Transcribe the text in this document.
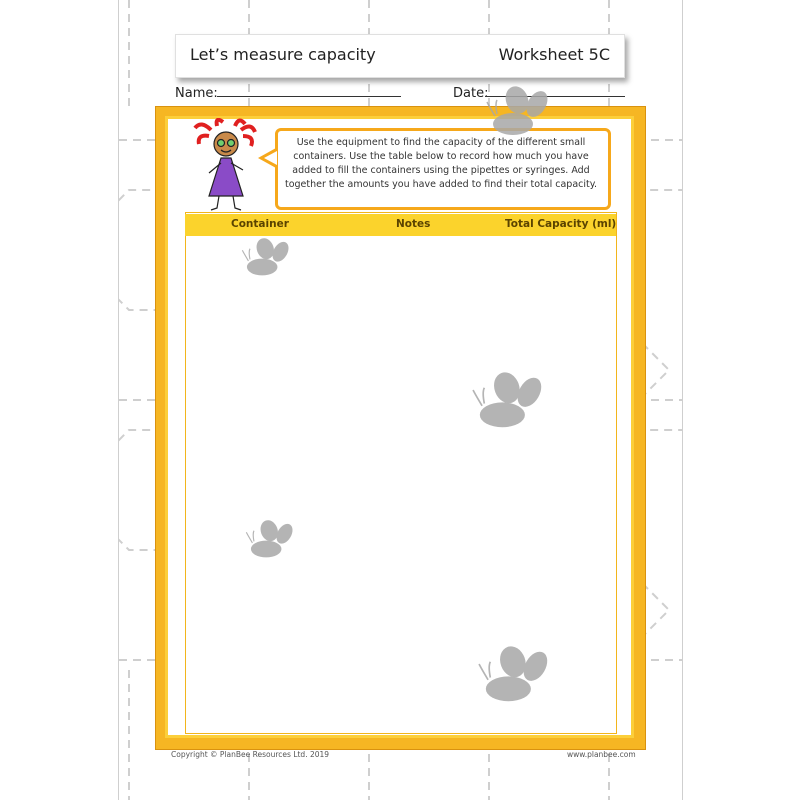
Let’s measure capacity	Worksheet 5C
Name:	Date:
Use the equipment to find the capacity of the different small containers. Use the table below to record how much you have added to fill the containers using the pipettes or syringes. Add together the amounts you have added to find their total capacity.
Container	Notes	Total Capacity (ml)
Copyright © PlanBee Resources Ltd. 2019	www.planbee.com
